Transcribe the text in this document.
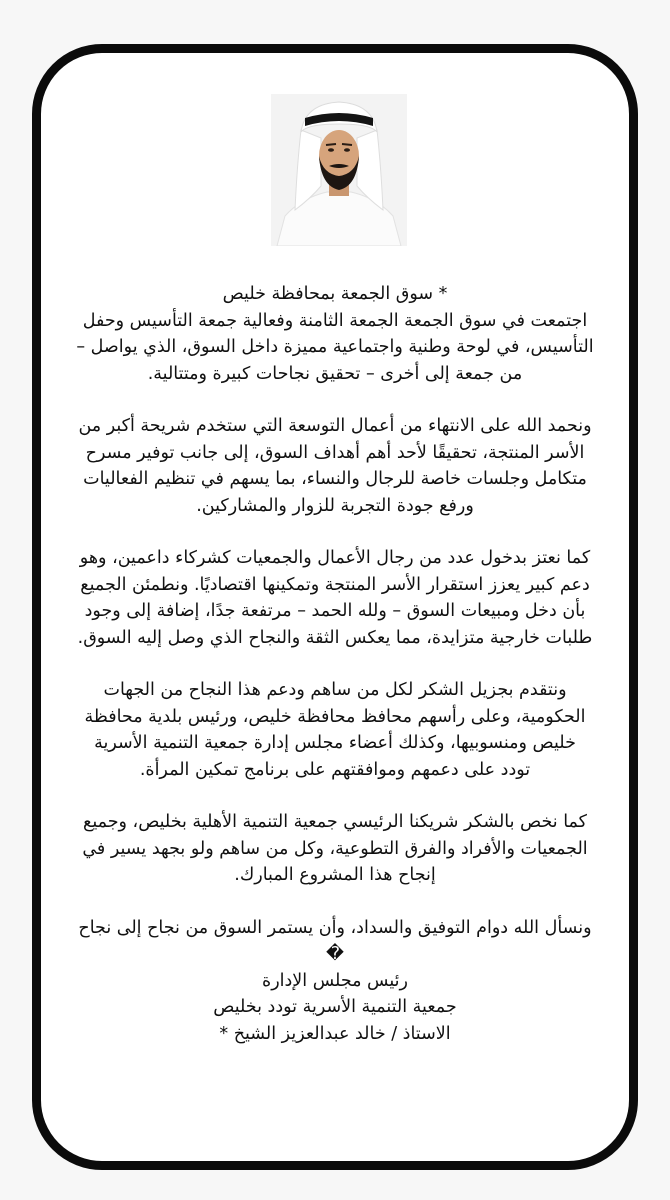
* سوق الجمعة بمحافظة خليص

اجتمعت في سوق الجمعة الجمعة الثامنة وفعالية جمعة التأسيس وحفل
التأسيس، في لوحة وطنية واجتماعية مميزة داخل السوق، الذي يواصل –
من جمعة إلى أخرى – تحقيق نجاحات كبيرة ومتتالية.

ونحمد الله على الانتهاء من أعمال التوسعة التي ستخدم شريحة أكبر من
الأسر المنتجة، تحقيقًا لأحد أهم أهداف السوق، إلى جانب توفير مسرح
متكامل وجلسات خاصة للرجال والنساء، بما يسهم في تنظيم الفعاليات
ورفع جودة التجربة للزوار والمشاركين.

كما نعتز بدخول عدد من رجال الأعمال والجمعيات كشركاء داعمين، وهو
دعم كبير يعزز استقرار الأسر المنتجة وتمكينها اقتصاديًا. ونطمئن الجميع
بأن دخل ومبيعات السوق – ولله الحمد – مرتفعة جدًا، إضافة إلى وجود
طلبات خارجية متزايدة، مما يعكس الثقة والنجاح الذي وصل إليه السوق.

ونتقدم بجزيل الشكر لكل من ساهم ودعم هذا النجاح من الجهات
الحكومية، وعلى رأسهم محافظ محافظة خليص، ورئيس بلدية محافظة
خليص ومنسوبيها، وكذلك أعضاء مجلس إدارة جمعية التنمية الأسرية
تودد على دعمهم وموافقتهم على برنامج تمكين المرأة.

كما نخص بالشكر شريكنا الرئيسي جمعية التنمية الأهلية بخليص، وجميع
الجمعيات والأفراد والفرق التطوعية، وكل من ساهم ولو بجهد يسير في
إنجاح هذا المشروع المبارك.

ونسأل الله دوام التوفيق والسداد، وأن يستمر السوق من نجاح إلى نجاح
�

رئيس مجلس الإدارة
جمعية التنمية الأسرية تودد بخليص
الاستاذ / خالد عبدالعزيز الشيخ *
